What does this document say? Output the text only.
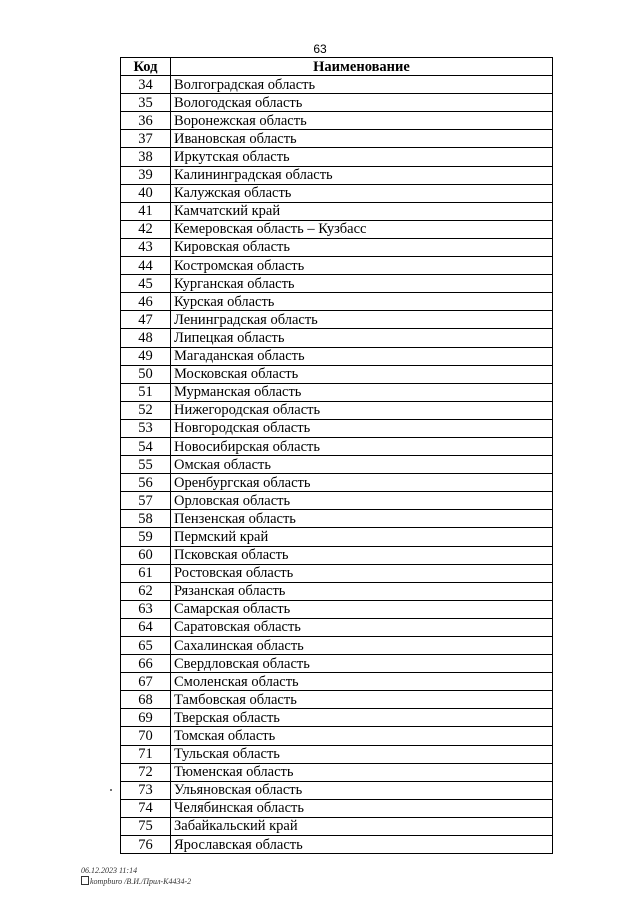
63
Код	Наименование
34	Волгоградская область
35	Вологодская область
36	Воронежская область
37	Ивановская область
38	Иркутская область
39	Калининградская область
40	Калужская область
41	Камчатский край
42	Кемеровская область – Кузбасс
43	Кировская область
44	Костромская область
45	Курганская область
46	Курская область
47	Ленинградская область
48	Липецкая область
49	Магаданская область
50	Московская область
51	Мурманская область
52	Нижегородская область
53	Новгородская область
54	Новосибирская область
55	Омская область
56	Оренбургская область
57	Орловская область
58	Пензенская область
59	Пермский край
60	Псковская область
61	Ростовская область
62	Рязанская область
63	Самарская область
64	Саратовская область
65	Сахалинская область
66	Свердловская область
67	Смоленская область
68	Тамбовская область
69	Тверская область
70	Томская область
71	Тульская область
72	Тюменская область
73	Ульяновская область
74	Челябинская область
75	Забайкальский край
76	Ярославская область
06.12.2023 11:14
kompburo /В.И./Прил-К4434-2
